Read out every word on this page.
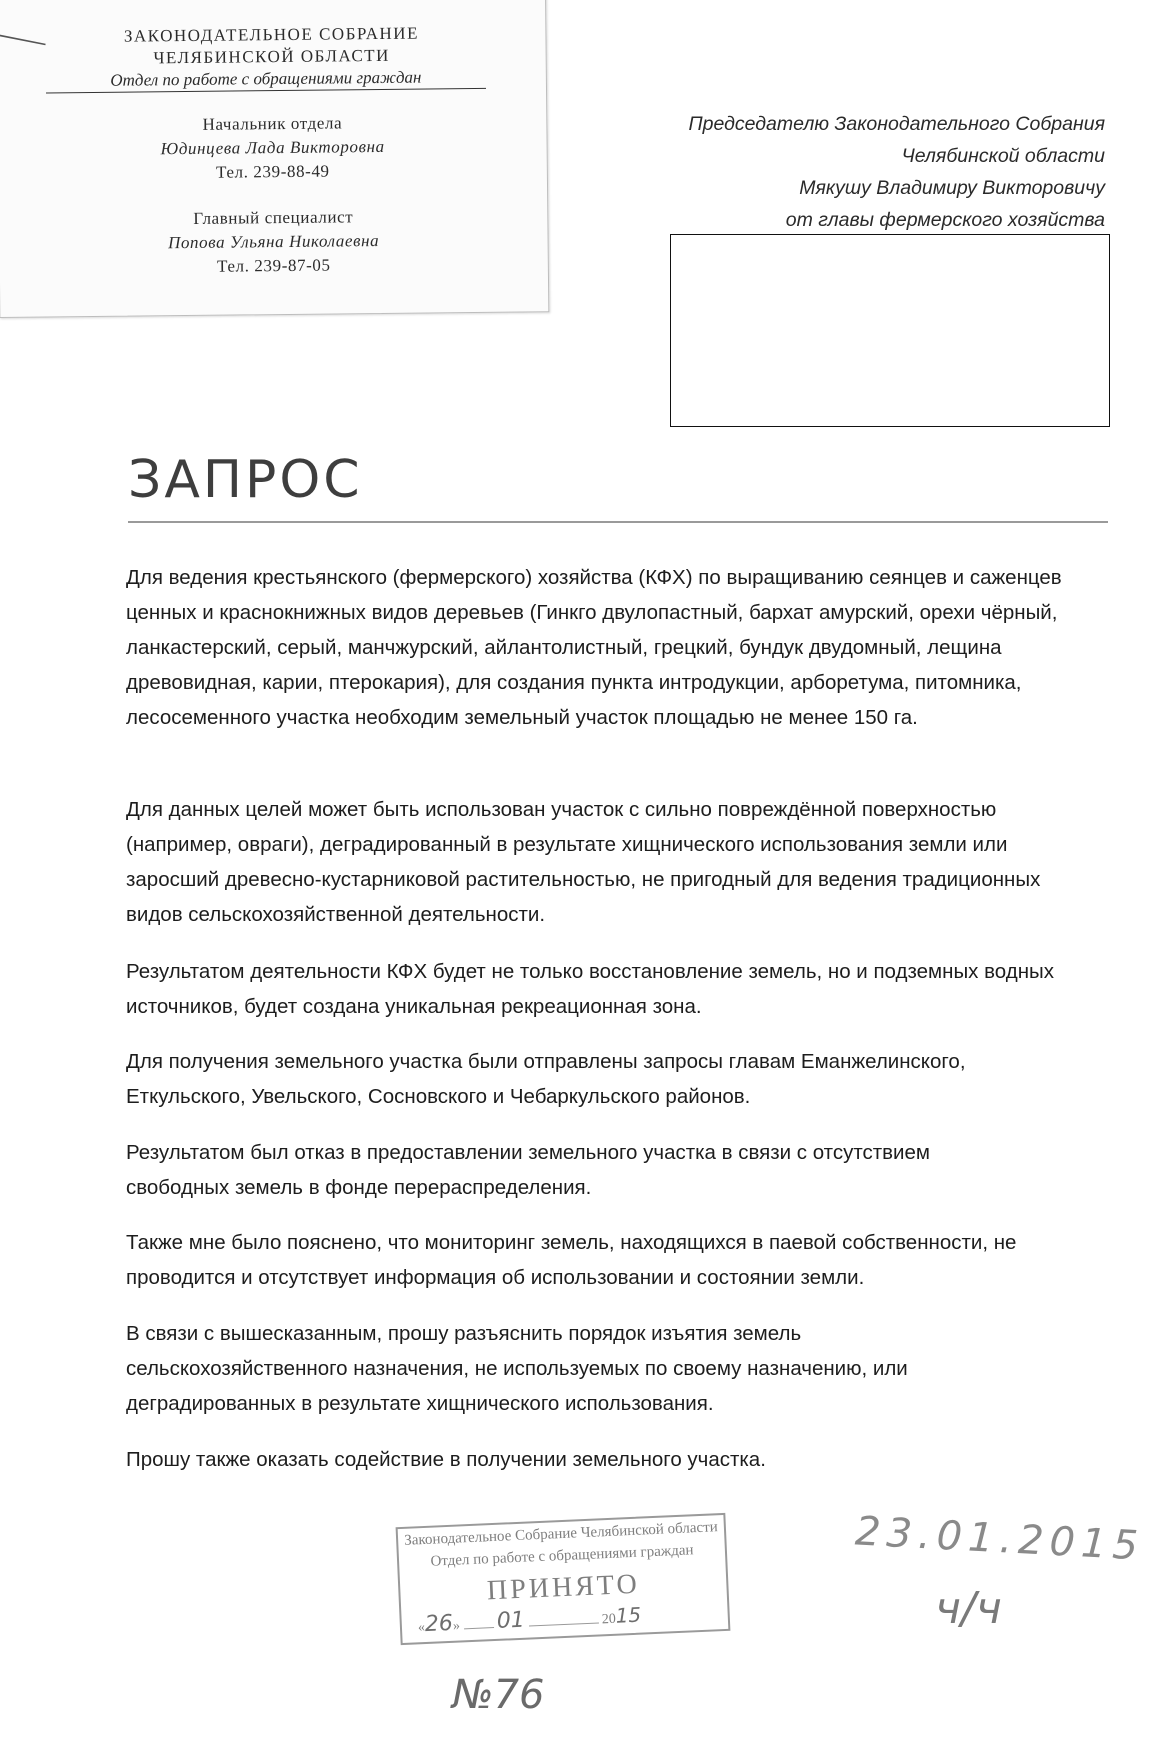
ЗАКОНОДАТЕЛЬНОЕ СОБРАНИЕ
ЧЕЛЯБИНСКОЙ ОБЛАСТИ
Отдел по работе с обращениями граждан
Начальник отдела
Юдинцева Лада Викторовна
Тел. 239-88-49
Главный специалист
Попова Ульяна Николаевна
Тел. 239-87-05
Председателю Законодательного Собрания
Челябинской области
Мякушу Владимиру Викторовичу
от главы фермерского хозяйства
ЗАПРОС

Для ведения крестьянского (фермерского) хозяйства (КФХ) по выращиванию сеянцев и саженцев ценных и краснокнижных видов деревьев (Гинкго двулопастный, бархат амурский, орехи чёрный, ланкастерский, серый, манчжурский, айлантолистный, грецкий, бундук двудомный, лещина древовидная, карии, птерокария), для создания пункта интродукции, арборетума, питомника, лесосеменного участка необходим земельный участок площадью не менее 150 га.

Для данных целей может быть использован участок с сильно повреждённой поверхностью (например, овраги), деградированный в результате хищнического использования земли или заросший древесно-кустарниковой растительностью, не пригодный для ведения традиционных видов сельскохозяйственной деятельности.

Результатом деятельности КФХ будет не только восстановление земель, но и подземных водных источников, будет создана уникальная рекреационная зона.

Для получения земельного участка были отправлены запросы главам Еманжелинского, Еткульского, Увельского, Сосновского и Чебаркульского районов.

Результатом был отказ в предоставлении земельного участка в связи с отсутствием свободных земель в фонде перераспределения.

Также мне было пояснено, что мониторинг земель, находящихся в паевой собственности, не проводится и отсутствует информация об использовании и состоянии земли.

В связи с вышесказанным, прошу разъяснить порядок изъятия земель сельскохозяйственного назначения, не используемых по своему назначению, или деградированных в результате хищнического использования.

Прошу также оказать содействие в получении земельного участка.

Законодательное Собрание Челябинской области
Отдел по работе с обращениями граждан
ПРИНЯТО
«26» 01	2015
23.01.2015
ч/ч
№76
